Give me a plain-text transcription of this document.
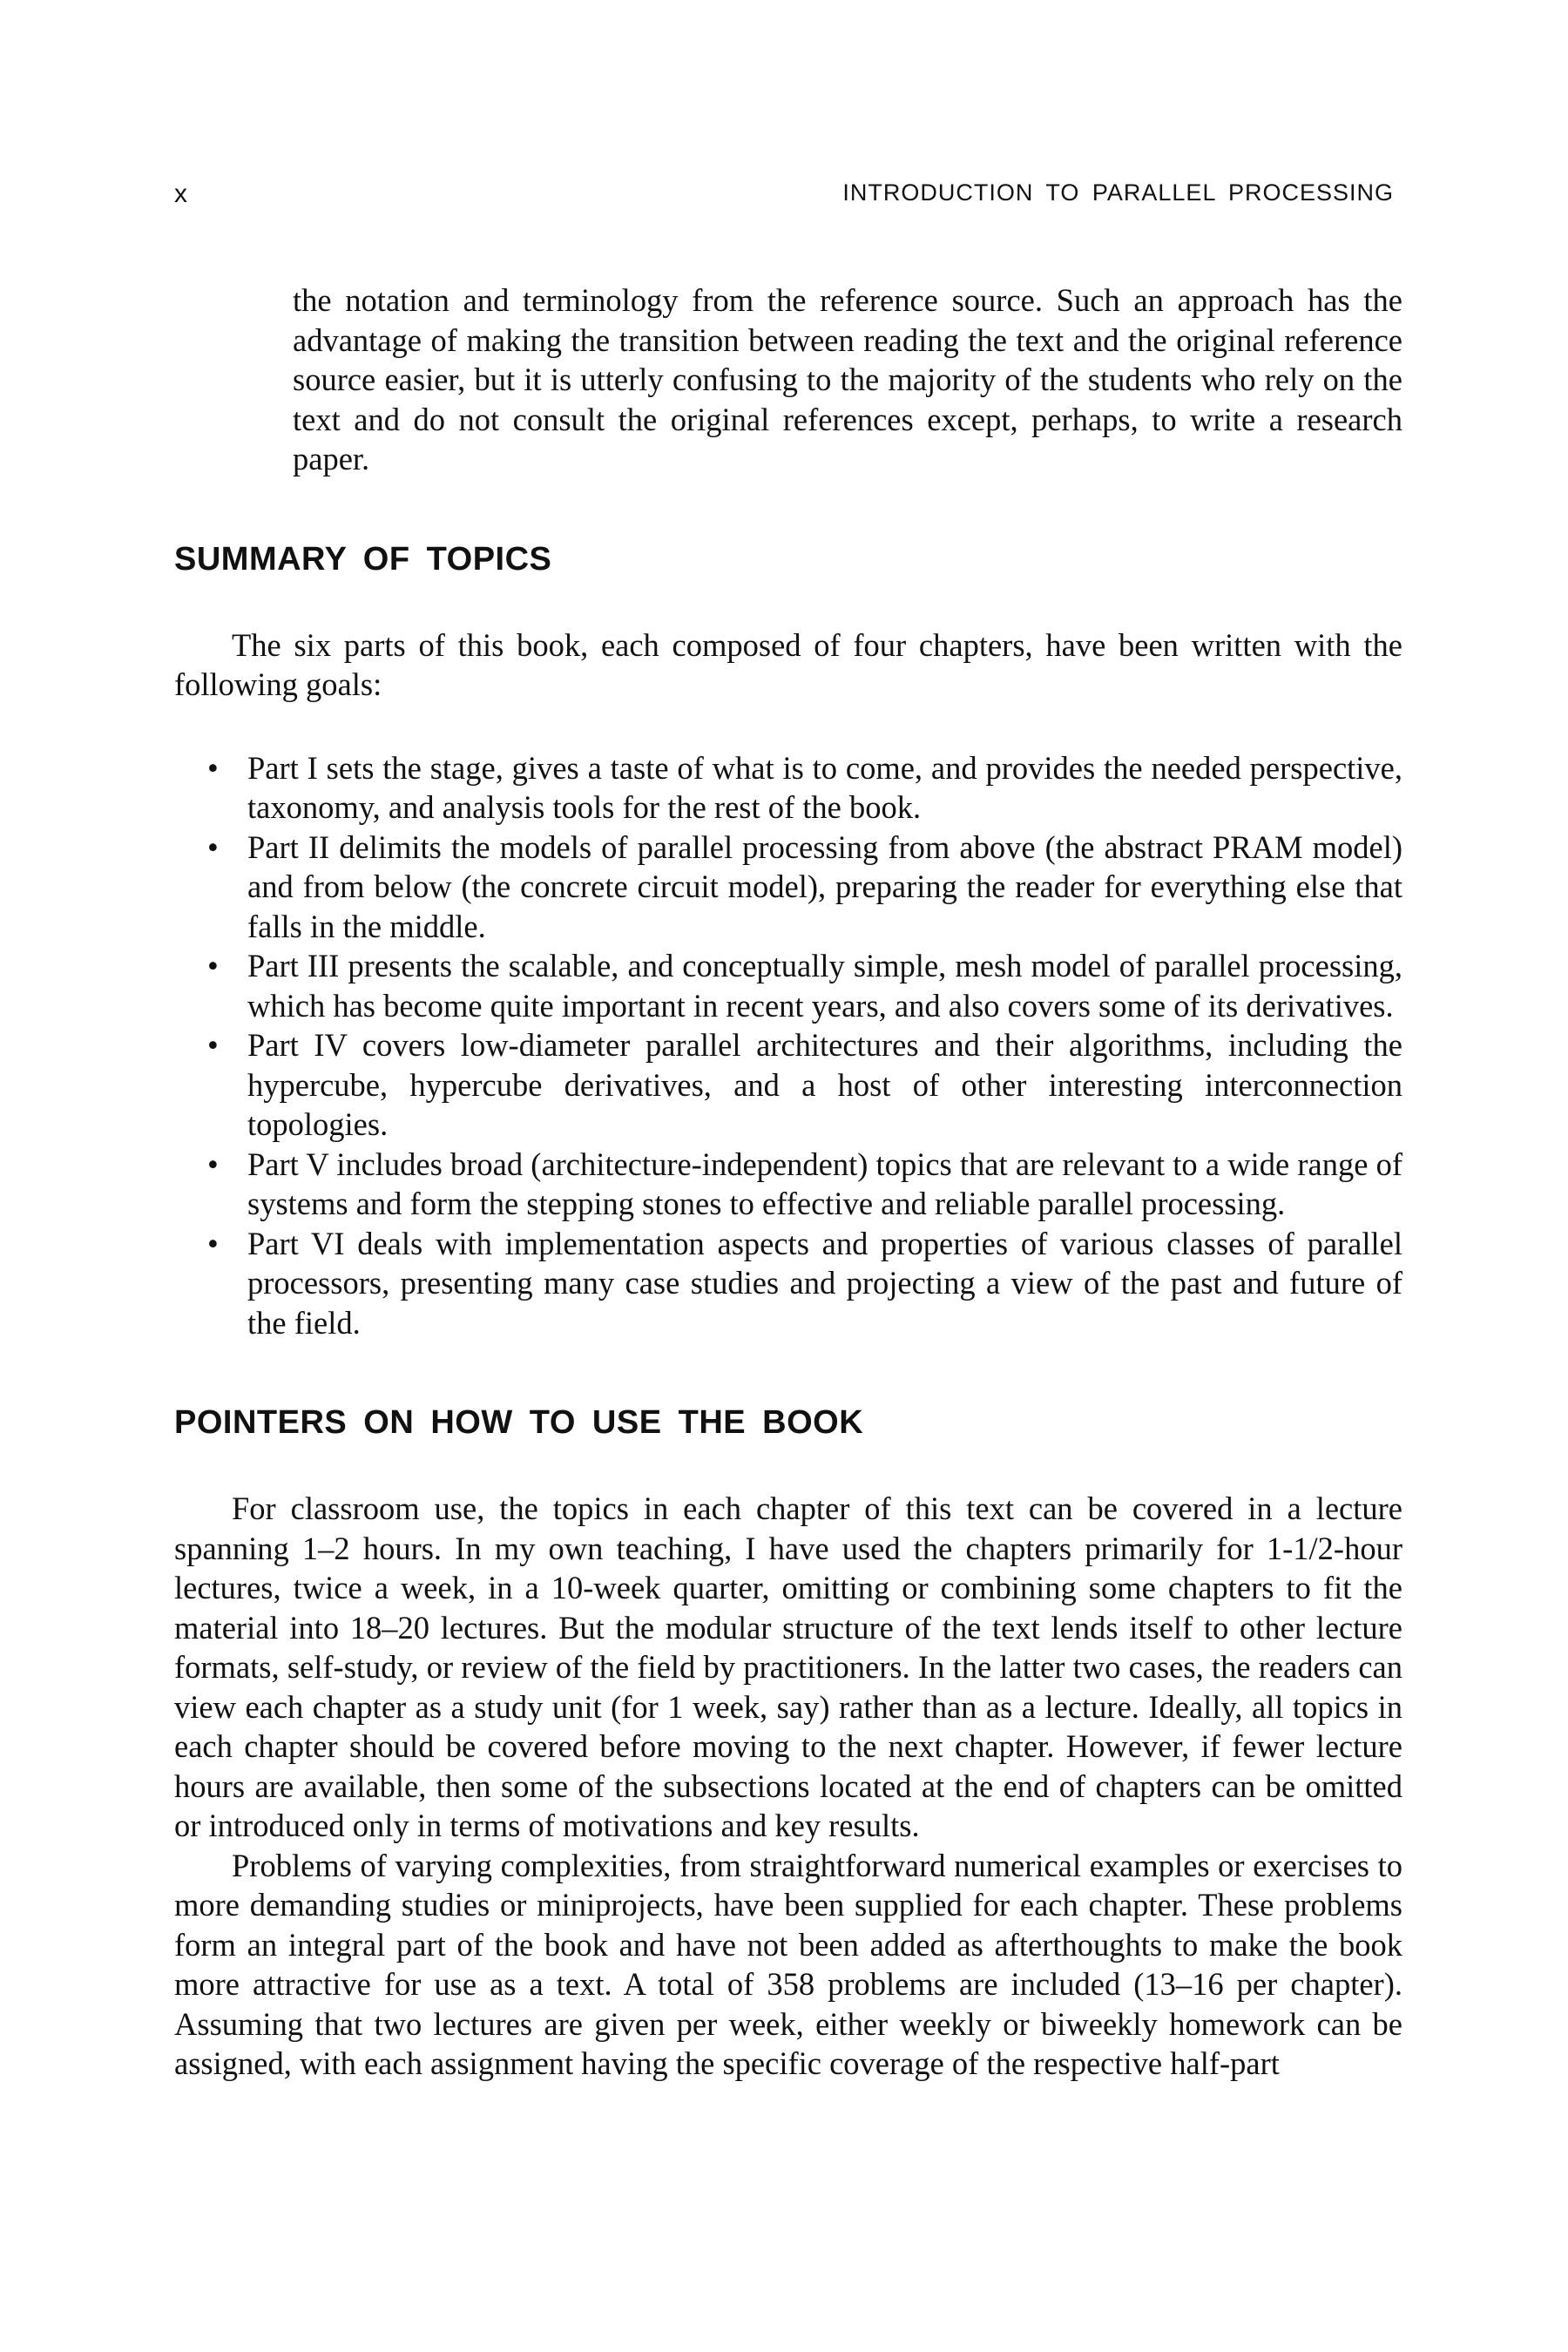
x	INTRODUCTION TO PARALLEL PROCESSING

the notation and terminology from the reference source. Such an approach has the advantage of making the transition between reading the text and the original reference source easier, but it is utterly confusing to the majority of the students who rely on the text and do not consult the original references except, perhaps, to write a research paper.

SUMMARY OF TOPICS

The six parts of this book, each composed of four chapters, have been written with the following goals:

• Part I sets the stage, gives a taste of what is to come, and provides the needed perspective, taxonomy, and analysis tools for the rest of the book.
• Part II delimits the models of parallel processing from above (the abstract PRAM model) and from below (the concrete circuit model), preparing the reader for everything else that falls in the middle.
• Part III presents the scalable, and conceptually simple, mesh model of parallel processing, which has become quite important in recent years, and also covers some of its derivatives.
• Part IV covers low-diameter parallel architectures and their algorithms, including the hypercube, hypercube derivatives, and a host of other interesting interconnection topologies.
• Part V includes broad (architecture-independent) topics that are relevant to a wide range of systems and form the stepping stones to effective and reliable parallel processing.
• Part VI deals with implementation aspects and properties of various classes of parallel processors, presenting many case studies and projecting a view of the past and future of the field.
POINTERS ON HOW TO USE THE BOOK

For classroom use, the topics in each chapter of this text can be covered in a lecture spanning 1–2 hours. In my own teaching, I have used the chapters primarily for 1-1/2-hour lectures, twice a week, in a 10-week quarter, omitting or combining some chapters to fit the material into 18–20 lectures. But the modular structure of the text lends itself to other lecture formats, self-study, or review of the field by practitioners. In the latter two cases, the readers can view each chapter as a study unit (for 1 week, say) rather than as a lecture. Ideally, all topics in each chapter should be covered before moving to the next chapter. However, if fewer lecture hours are available, then some of the subsections located at the end of chapters can be omitted or introduced only in terms of motivations and key results.

Problems of varying complexities, from straightforward numerical examples or exercises to more demanding studies or miniprojects, have been supplied for each chapter. These problems form an integral part of the book and have not been added as afterthoughts to make the book more attractive for use as a text. A total of 358 problems are included (13–16 per chapter). Assuming that two lectures are given per week, either weekly or biweekly homework can be assigned, with each assignment having the specific coverage of the respective half-part
